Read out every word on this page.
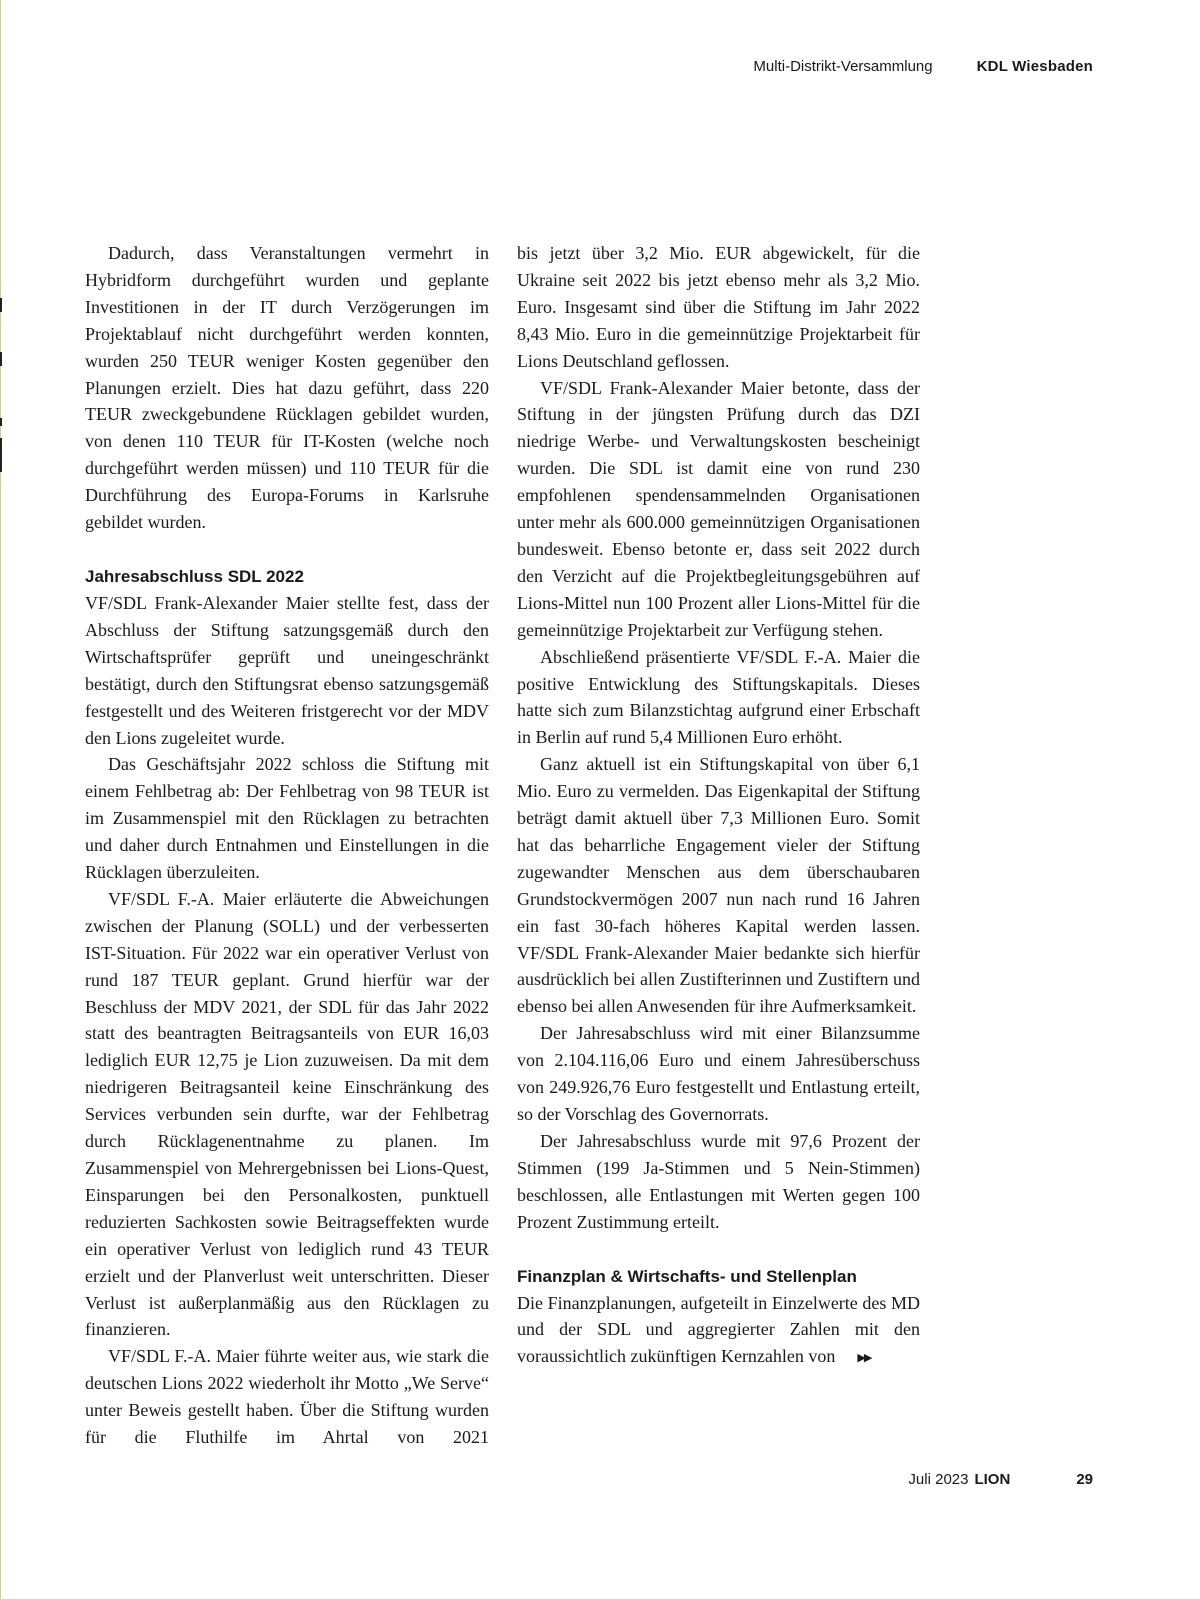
Multi-Distrikt-Versammlung	KDL Wiesbaden

Dadurch, dass Veranstaltungen vermehrt in Hybridform durchgeführt wurden und geplante Investitionen in der IT durch Verzögerungen im Projektablauf nicht durchgeführt werden konnten, wurden 250 TEUR weniger Kosten gegenüber den Planungen erzielt. Dies hat dazu geführt, dass 220 TEUR zweckgebundene Rücklagen gebildet wurden, von denen 110 TEUR für IT-Kosten (welche noch durchgeführt werden müssen) und 110 TEUR für die Durchführung des Europa-Forums in Karlsruhe gebildet wurden.

Jahresabschluss SDL 2022

VF/SDL Frank-Alexander Maier stellte fest, dass der Abschluss der Stiftung satzungsgemäß durch den Wirtschaftsprüfer geprüft und uneingeschränkt bestätigt, durch den Stiftungsrat ebenso satzungsgemäß festgestellt und des Weiteren fristgerecht vor der MDV den Lions zugeleitet wurde.

Das Geschäftsjahr 2022 schloss die Stiftung mit einem Fehlbetrag ab: Der Fehlbetrag von 98 TEUR ist im Zusammenspiel mit den Rücklagen zu betrachten und daher durch Entnahmen und Einstellungen in die Rücklagen überzuleiten.

VF/SDL F.-A. Maier erläuterte die Abweichungen zwischen der Planung (SOLL) und der verbesserten IST-Situation. Für 2022 war ein operativer Verlust von rund 187 TEUR geplant. Grund hierfür war der Beschluss der MDV 2021, der SDL für das Jahr 2022 statt des beantragten Beitragsanteils von EUR 16,03 lediglich EUR 12,75 je Lion zuzuweisen. Da mit dem niedrigeren Beitragsanteil keine Einschränkung des Services verbunden sein durfte, war der Fehlbetrag durch Rücklagenentnahme zu planen. Im Zusammenspiel von Mehrergebnissen bei Lions-Quest, Einsparungen bei den Personalkosten, punktuell reduzierten Sachkosten sowie Beitragseffekten wurde ein operativer Verlust von lediglich rund 43 TEUR erzielt und der Planverlust weit unterschritten. Dieser Verlust ist außerplanmäßig aus den Rücklagen zu finanzieren.

VF/SDL F.-A. Maier führte weiter aus, wie stark die deutschen Lions 2022 wiederholt ihr Motto „We Serve“ unter Beweis gestellt haben. Über die Stiftung wurden für die Fluthilfe im Ahrtal von 2021

bis jetzt über 3,2 Mio. EUR abgewickelt, für die Ukraine seit 2022 bis jetzt ebenso mehr als 3,2 Mio. Euro. Insgesamt sind über die Stiftung im Jahr 2022 8,43 Mio. Euro in die gemeinnützige Projektarbeit für Lions Deutschland geflossen.

VF/SDL Frank-Alexander Maier betonte, dass der Stiftung in der jüngsten Prüfung durch das DZI niedrige Werbe- und Verwaltungskosten bescheinigt wurden. Die SDL ist damit eine von rund 230 empfohlenen spendensammelnden Organisationen unter mehr als 600.000 gemeinnützigen Organisationen bundesweit. Ebenso betonte er, dass seit 2022 durch den Verzicht auf die Projektbegleitungsgebühren auf Lions-Mittel nun 100 Prozent aller Lions-Mittel für die gemeinnützige Projektarbeit zur Verfügung stehen.

Abschließend präsentierte VF/SDL F.-A. Maier die positive Entwicklung des Stiftungskapitals. Dieses hatte sich zum Bilanzstichtag aufgrund einer Erbschaft in Berlin auf rund 5,4 Millionen Euro erhöht.

Ganz aktuell ist ein Stiftungskapital von über 6,1 Mio. Euro zu vermelden. Das Eigenkapital der Stiftung beträgt damit aktuell über 7,3 Millionen Euro. Somit hat das beharrliche Engagement vieler der Stiftung zugewandter Menschen aus dem überschaubaren Grundstockvermögen 2007 nun nach rund 16 Jahren ein fast 30-fach höheres Kapital werden lassen. VF/SDL Frank-Alexander Maier bedankte sich hierfür ausdrücklich bei allen Zustifterinnen und Zustiftern und ebenso bei allen Anwesenden für ihre Aufmerksamkeit.

Der Jahresabschluss wird mit einer Bilanzsumme von 2.104.116,06 Euro und einem Jahresüberschuss von 249.926,76 Euro festgestellt und Entlastung erteilt, so der Vorschlag des Governorrats.

Der Jahresabschluss wurde mit 97,6 Prozent der Stimmen (199 Ja-Stimmen und 5 Nein-Stimmen) beschlossen, alle Entlastungen mit Werten gegen 100 Prozent Zustimmung erteilt.

Finanzplan & Wirtschafts- und Stellenplan

Die Finanzplanungen, aufgeteilt in Einzelwerte des MD und der SDL und aggregierter Zahlen mit den voraussichtlich zukünftigen Kernzahlen von ▶▶

Juli 2023 LION	29
